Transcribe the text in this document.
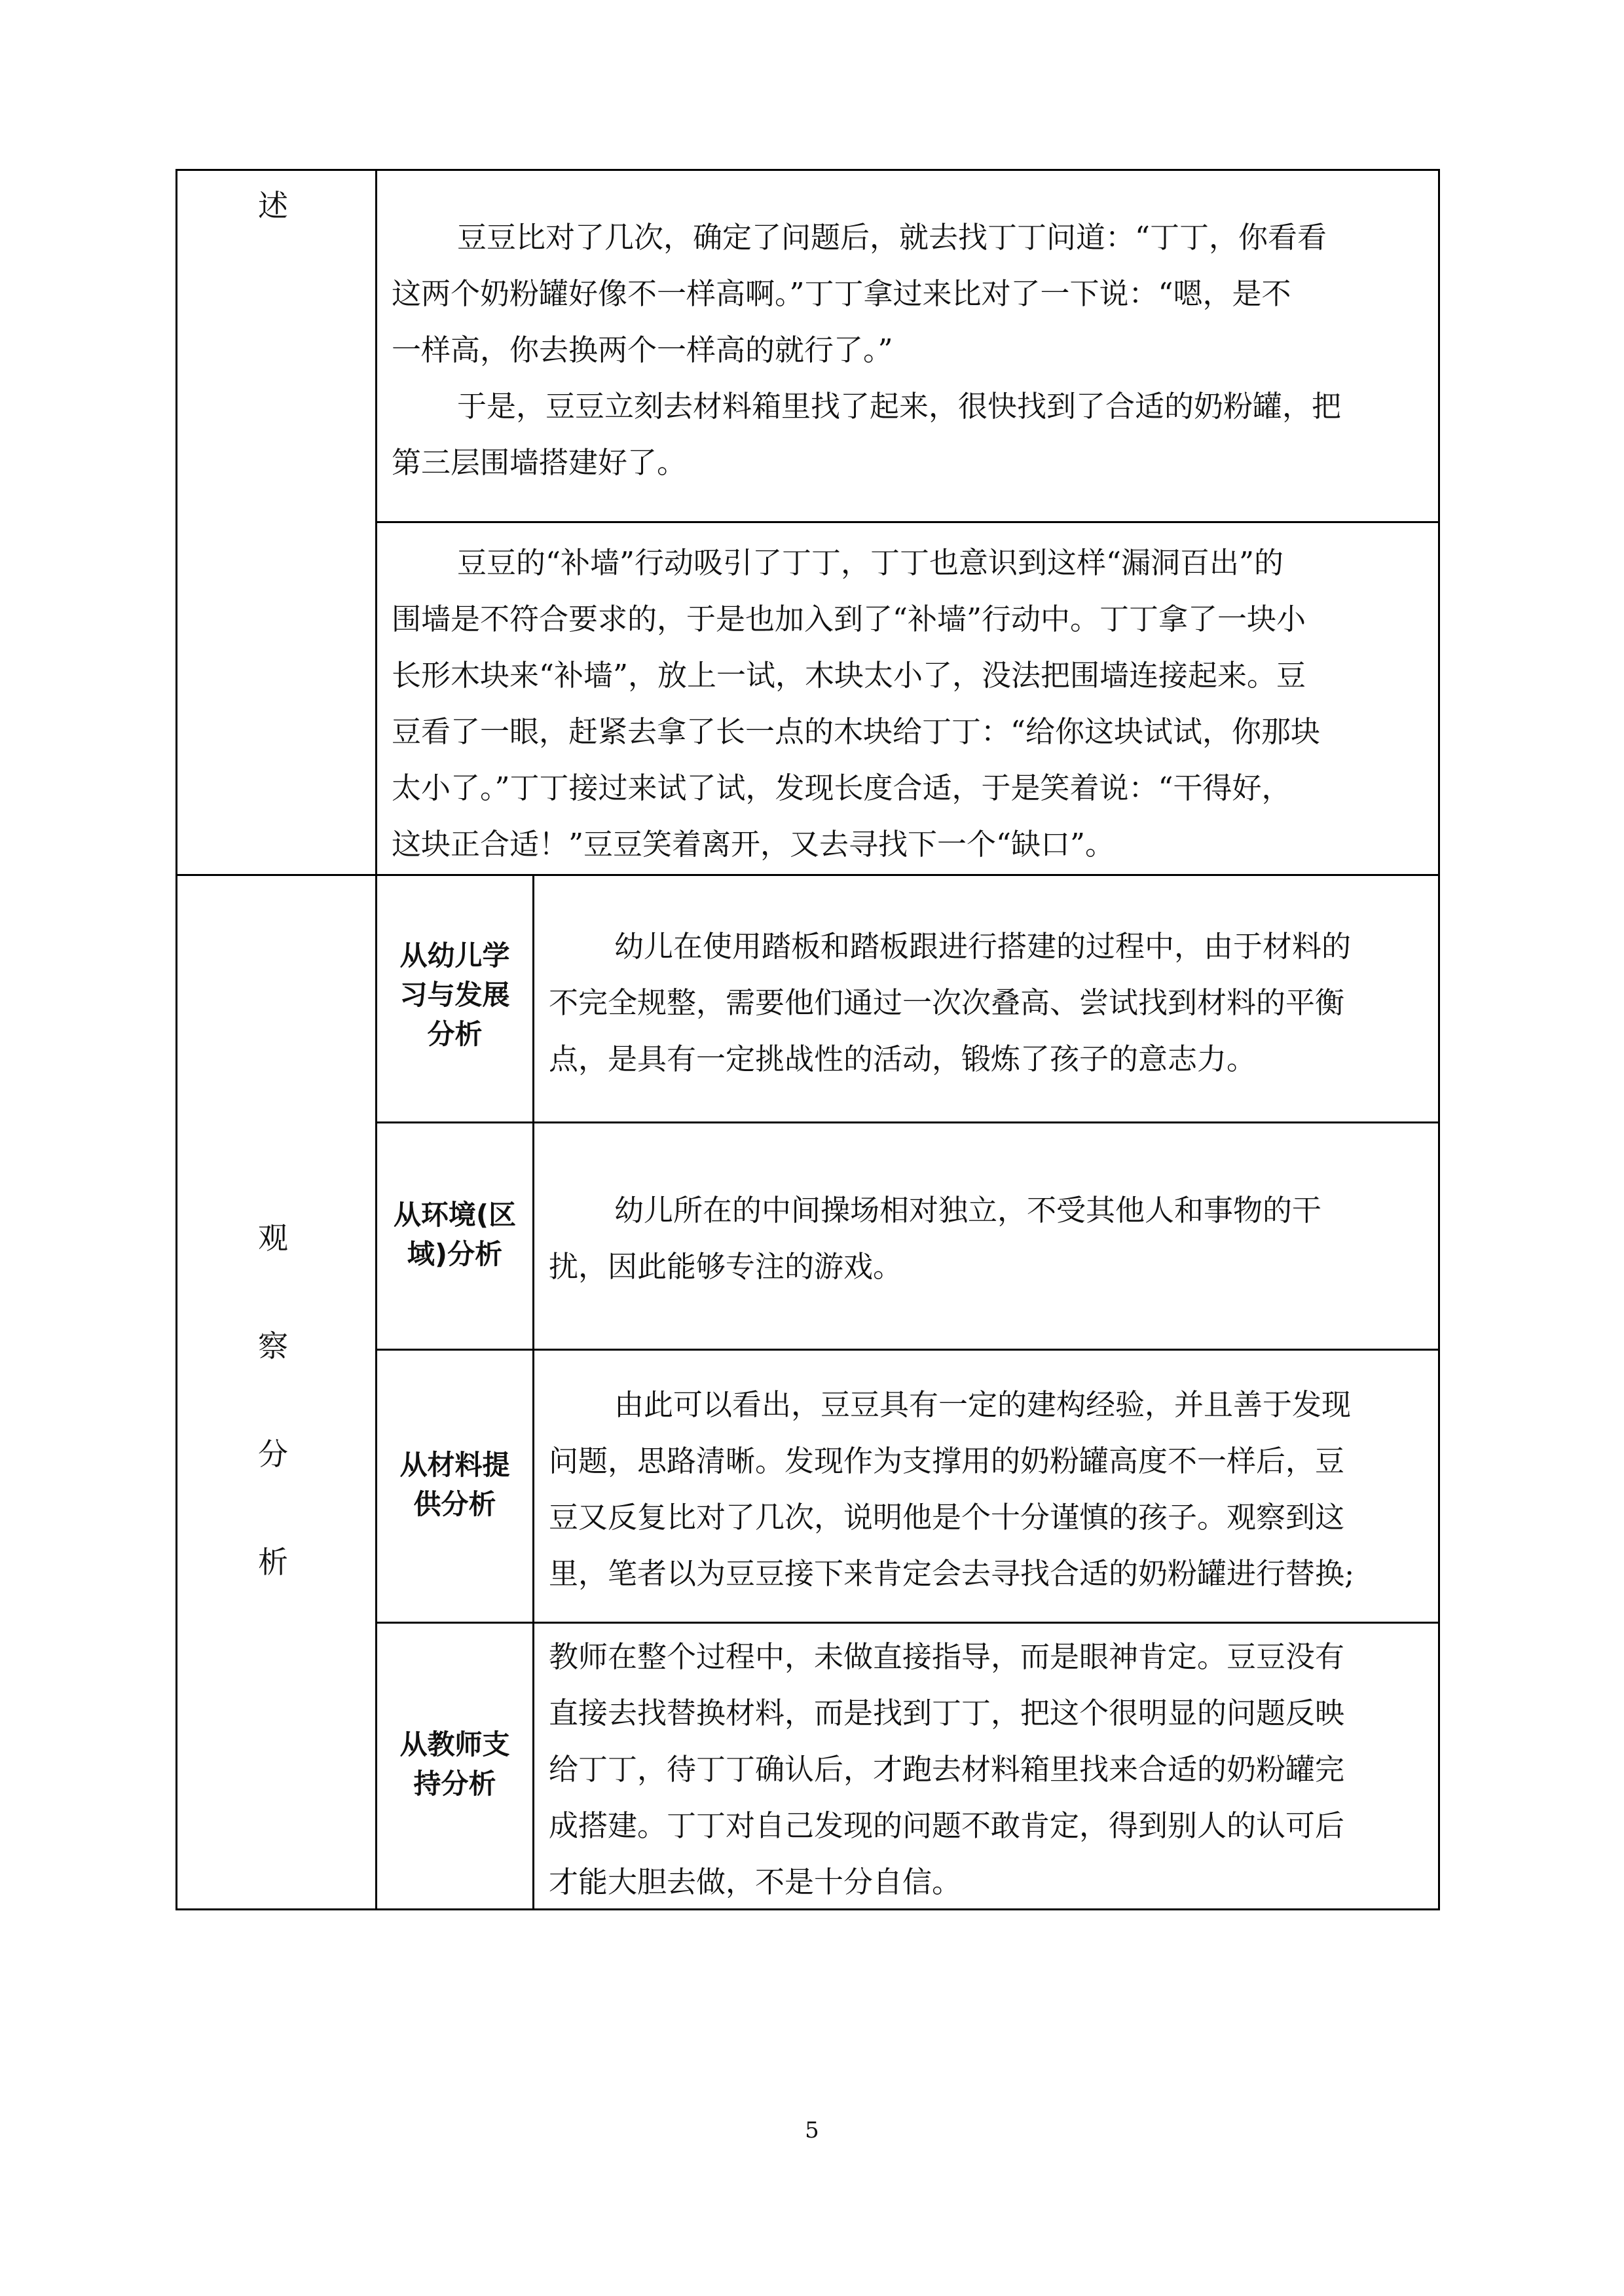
述
豆豆比对了几次，确定了问题后，就去找丁丁问道：“丁丁，你看看
这两个奶粉罐好像不一样高啊。”丁丁拿过来比对了一下说：“嗯，是不
一样高，你去换两个一样高的就行了。”
于是，豆豆立刻去材料箱里找了起来，很快找到了合适的奶粉罐，把
第三层围墙搭建好了。
豆豆的“补墙”行动吸引了丁丁，丁丁也意识到这样“漏洞百出”的
围墙是不符合要求的，于是也加入到了“补墙”行动中。丁丁拿了一块小
长形木块来“补墙”，放上一试，木块太小了，没法把围墙连接起来。豆
豆看了一眼，赶紧去拿了长一点的木块给丁丁：“给你这块试试，你那块
太小了。”丁丁接过来试了试，发现长度合适，于是笑着说：“干得好，
这块正合适！”豆豆笑着离开，又去寻找下一个“缺口”。
观
察
分
析
从幼儿学
习与发展
分析
幼儿在使用踏板和踏板跟进行搭建的过程中，由于材料的
不完全规整，需要他们通过一次次叠高、尝试找到材料的平衡
点，是具有一定挑战性的活动，锻炼了孩子的意志力。
从环境(区
域)分析
幼儿所在的中间操场相对独立，不受其他人和事物的干
扰，因此能够专注的游戏。
从材料提
供分析
由此可以看出，豆豆具有一定的建构经验，并且善于发现
问题，思路清晰。发现作为支撑用的奶粉罐高度不一样后，豆
豆又反复比对了几次，说明他是个十分谨慎的孩子。观察到这
里，笔者以为豆豆接下来肯定会去寻找合适的奶粉罐进行替换;
从教师支
持分析
教师在整个过程中，未做直接指导，而是眼神肯定。豆豆没有
直接去找替换材料，而是找到丁丁，把这个很明显的问题反映
给丁丁，待丁丁确认后，才跑去材料箱里找来合适的奶粉罐完
成搭建。丁丁对自己发现的问题不敢肯定，得到别人的认可后
才能大胆去做，不是十分自信。
5
